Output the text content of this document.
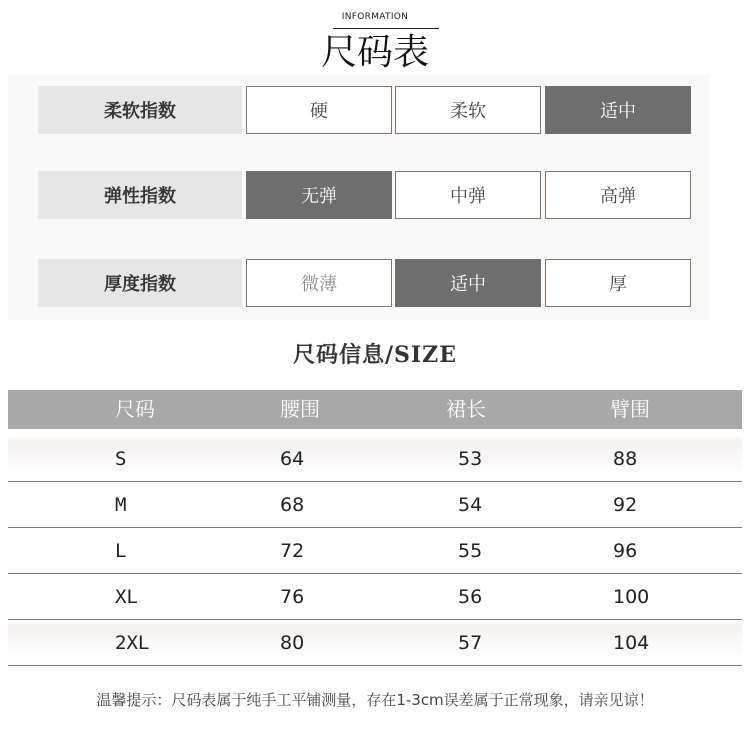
INFORMATION
尺码表
柔软指数	硬	柔软	适中
弹性指数	无弹	中弹	高弹
厚度指数	微薄	适中	厚
尺码信息/SIZE
尺码	腰围	裙长	臂围
S	64	53	88
M	68	54	92
L	72	55	96
XL	76	56	100
2XL	80	57	104
温馨提示：尺码表属于纯手工平铺测量，存在1-3cm误差属于正常现象，请亲见谅！
